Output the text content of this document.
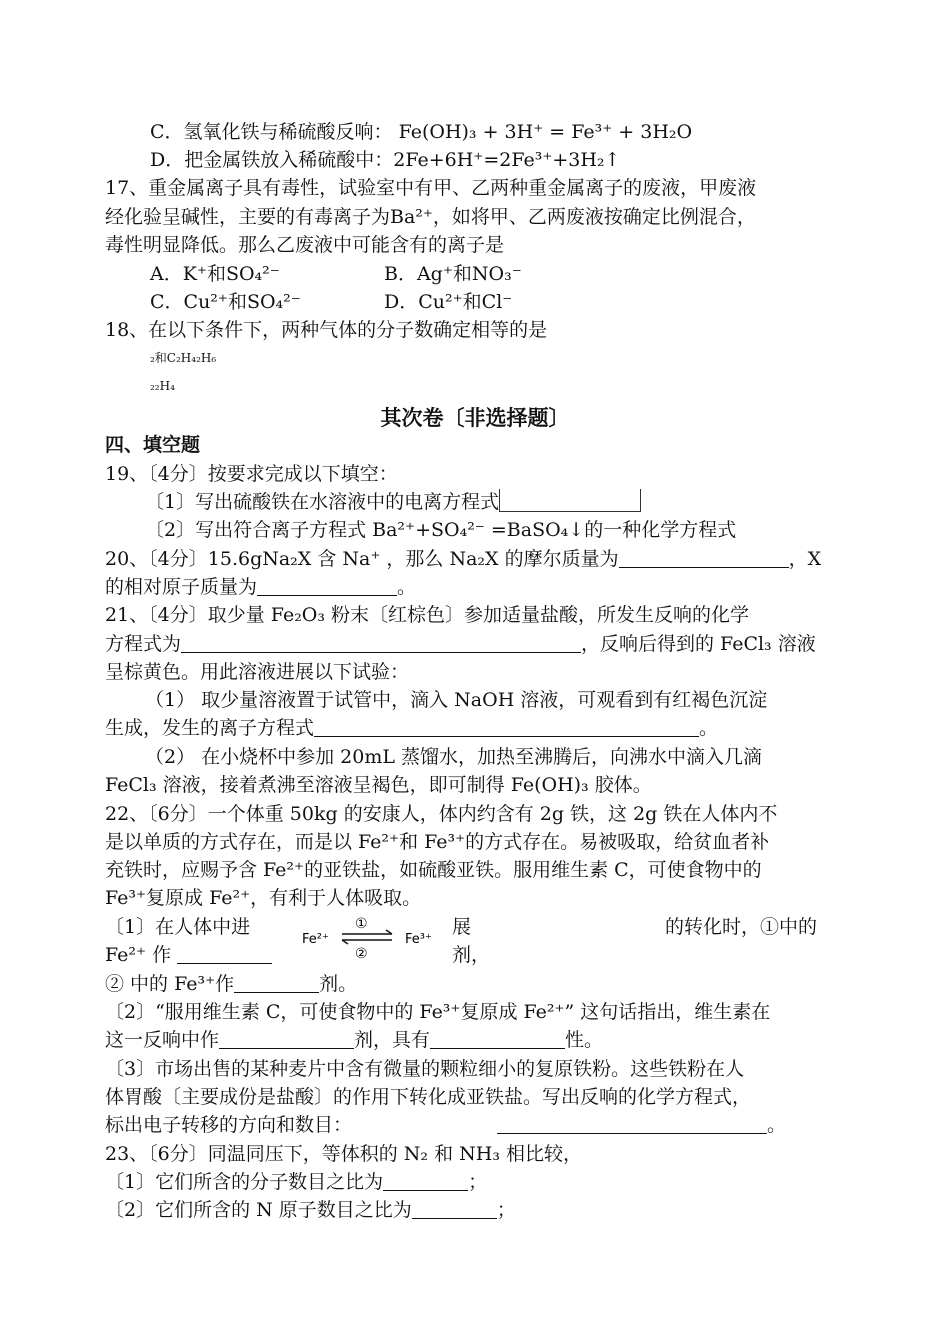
C．氢氧化铁与稀硫酸反响： Fe(OH)₃ + 3H⁺ = Fe³⁺ + 3H₂O
D．把金属铁放入稀硫酸中：2Fe+6H⁺=2Fe³⁺+3H₂↑
17、重金属离子具有毒性，试验室中有甲、乙两种重金属离子的废液，甲废液
经化验呈碱性，主要的有毒离子为Ba²⁺，如将甲、乙两废液按确定比例混合，
毒性明显降低。那么乙废液中可能含有的离子是
A．K⁺和SO₄²⁻	B．Ag⁺和NO₃⁻
C．Cu²⁺和SO₄²⁻	D．Cu²⁺和Cl⁻
18、在以下条件下，两种气体的分子数确定相等的是
₂和C₂H₄₂H₆
₂₂H₄
其次卷〔非选择题〕
四、填空题
19、〔4分〕按要求完成以下填空：
〔1〕写出硫酸铁在水溶液中的电离方程式
〔2〕写出符合离子方程式 Ba²⁺+SO₄²⁻ =BaSO₄↓的一种化学方程式
20、〔4分〕15.6gNa₂X 含 Na⁺ ，那么 Na₂X 的摩尔质量为	，X
的相对原子质量为	。
21、〔4分〕取少量 Fe₂O₃ 粉末〔红棕色〕参加适量盐酸，所发生反响的化学
方程式为	，反响后得到的 FeCl₃ 溶液
呈棕黄色。用此溶液进展以下试验：
（1） 取少量溶液置于试管中，滴入 NaOH 溶液，可观看到有红褐色沉淀
生成，发生的离子方程式	。
（2） 在小烧杯中参加 20mL 蒸馏水，加热至沸腾后，向沸水中滴入几滴
FeCl₃ 溶液，接着煮沸至溶液呈褐色，即可制得 Fe(OH)₃ 胶体。
22、〔6分〕一个体重 50kg 的安康人，体内约含有 2g 铁，这 2g 铁在人体内不
是以单质的方式存在，而是以 Fe²⁺和 Fe³⁺的方式存在。易被吸取，给贫血者补
充铁时，应赐予含 Fe²⁺的亚铁盐，如硫酸亚铁。服用维生素 C，可使食物中的
Fe³⁺复原成 Fe²⁺，有利于人体吸取。
〔1〕在人体中进	展	的转化时，①中的
Fe²⁺ 作	剂，
Fe²⁺	Fe³⁺
①
②
② 中的 Fe³⁺作	剂。
〔2〕“服用维生素 C，可使食物中的 Fe³⁺复原成 Fe²⁺” 这句话指出，维生素在
这一反响中作	剂，具有	性。
〔3〕市场出售的某种麦片中含有微量的颗粒细小的复原铁粉。这些铁粉在人
体胃酸〔主要成份是盐酸〕的作用下转化成亚铁盐。写出反响的化学方程式，
标出电子转移的方向和数目：	。
23、〔6分〕同温同压下，等体积的 N₂ 和 NH₃ 相比较，
〔1〕它们所含的分子数目之比为	；
〔2〕它们所含的 N 原子数目之比为	；
